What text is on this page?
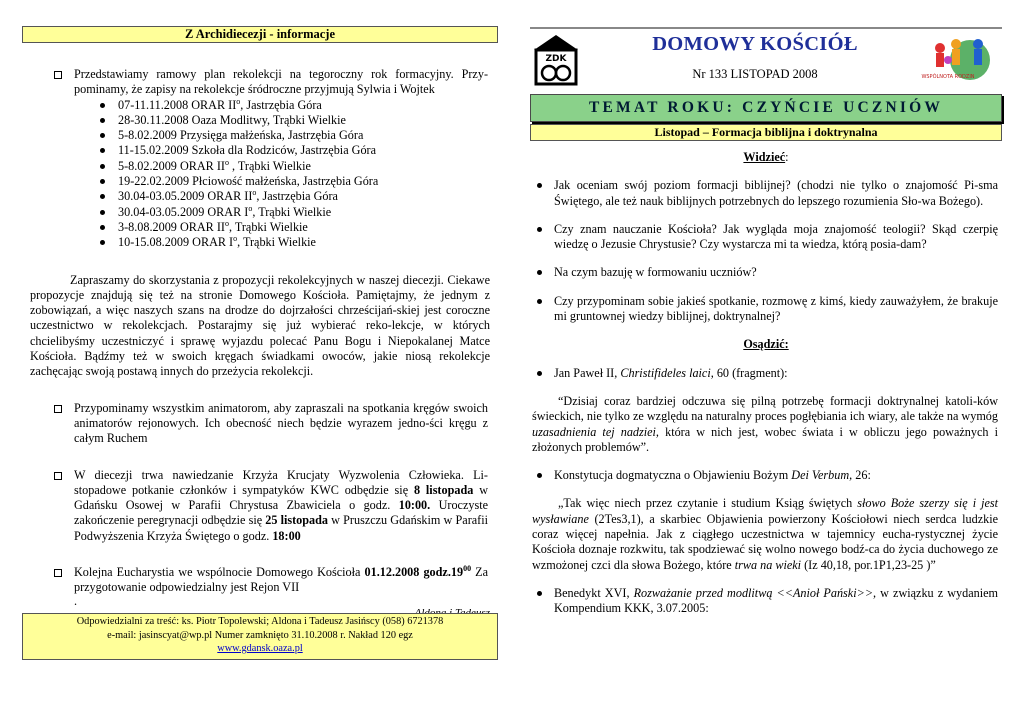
Z Archidiecezji - informacje
Przedstawiamy ramowy plan rekolekcji na tegoroczny rok formacyjny. Przy-pominamy, że zapisy na rekolekcje śródroczne przyjmują Sylwia i Wojtek
07-11.11.2008 ORAR $II^o$, Jastrzębia Góra
28-30.11.2008 Oaza Modlitwy, Trąbki Wielkie
5-8.02.2009 Przysięga małżeńska, Jastrzębia Góra
11-15.02.2009 Szkoła dla Rodziców, Jastrzębia Góra
5-8.02.2009 ORAR $II^o$ , Trąbki Wielkie
19-22.02.2009 Płciowość małżeńska, Jastrzębia Góra
30.04-03.05.2009 ORAR $II^o$, Jastrzębia Góra
30.04-03.05.2009 ORAR $I^o$, Trąbki Wielkie
3-8.08.2009 ORAR $II^o$, Trąbki Wielkie
10-15.08.2009 ORAR $I^o$, Trąbki Wielkie
Zapraszamy do skorzystania z propozycji rekolekcyjnych w naszej diecezji. Ciekawe propozycje znajdują się też na stronie Domowego Kościoła. Pamiętajmy, że jednym z zobowiązań, a więc naszych szans na drodze do dojrzałości chrześcijań-skiej jest coroczne uczestnictwo w rekolekcjach. Postarajmy się już wybierać reko-lekcje, w których chcielibyśmy uczestniczyć i sprawę wyjazdu polecać Panu Bogu i Niepokalanej Matce Kościoła. Bądźmy też w swoich kręgach świadkami owoców, jakie niosą rekolekcje zachęcając swoją postawą innych do przeżycia rekolekcji.
Przypominamy wszystkim animatorom, aby zapraszali na spotkania kręgów swoich animatorów rejonowych. Ich obecność niech będzie wyrazem jedno-ści kręgu z całym Ruchem
W diecezji trwa nawiedzanie Krzyża Krucjaty Wyzwolenia Człowieka. Li-stopadowe potkanie członków i sympatyków KWC odbędzie się 8 listopada w Gdańsku Osowej w Parafii Chrystusa Zbawiciela o godz. 10:00. Uroczyste zakończenie peregrynacji odbędzie się 25 listopada w Pruszczu Gdańskim w Parafii Podwyższenia Krzyża Świętego o godz. 18:00
Kolejna Eucharystia we wspólnocie Domowego Kościoła 01.12.2008 $godz.19^{00}$ Za przygotowanie odpowiedzialny jest Rejon VII
.
Odpowiedzialni za treść: ks. Piotr Topolewski; Aldona i Tadeusz Jasińscy (058) 6721378
e-mail: jasinscyat@wp.pl Numer zamknięto 31.10.2008 r. Nakład 120 egz
www.gdansk.oaza.pl
ZDK
DOMOWY KOŚCIÓŁ
Nr 133 LISTOPAD 2008	WSPÓLNOTA RODZIN
TEMAT ROKU: CZYŃCIE UCZNIÓW
Listopad – Formacja biblijna i doktrynalna
Widzieć:
Jak oceniam swój poziom formacji biblijnej? (chodzi nie tylko o znajomość Pi-sma Świętego, ale też nauk biblijnych potrzebnych do lepszego rozumienia Sło-wa Bożego).
Czy znam nauczanie Kościoła? Jak wygląda moja znajomość teologii? Skąd czerpię wiedzę o Jezusie Chrystusie? Czy wystarcza mi ta wiedza, którą posia-dam?
Na czym bazuję w formowaniu uczniów?
Czy przypominam sobie jakieś spotkanie, rozmowę z kimś, kiedy zauważyłem, że brakuje mi gruntownej wiedzy biblijnej, doktrynalnej?
Osądzić:
Jan Paweł II, Christifideles laici, 60 (fragment):
“Dzisiaj coraz bardziej odczuwa się pilną potrzebę formacji doktrynalnej katoli-ków świeckich, nie tylko ze względu na naturalny proces pogłębiania ich wiary, ale także na wymóg uzasadnienia tej nadziei, która w nich jest, wobec świata i w obliczu jego poważnych i złożonych problemów”.
Konstytucja dogmatyczna o Objawieniu Bożym Dei Verbum, 26:
„Tak więc niech przez czytanie i studium Ksiąg świętych słowo Boże szerzy się i jest wysławiane (2Tes3,1), a skarbiec Objawienia powierzony Kościołowi niech serdca ludzkie coraz więcej napełnia. Jak z ciągłego uczestnictwa w tajemnicy eucha-rystycznej życie Kościoła doznaje rozkwitu, tak spodziewać się wolno nowego bodź-ca do życia duchowego ze wzmożonej czci dla słowa Bożego, które trwa na wieki (Iz 40,18, por.1P1,23-25 )”
Benedykt XVI, Rozważanie przed modlitwą <<Anioł Pański>>, w związku z wydaniem Kompendium KKK, 3.07.2005:
